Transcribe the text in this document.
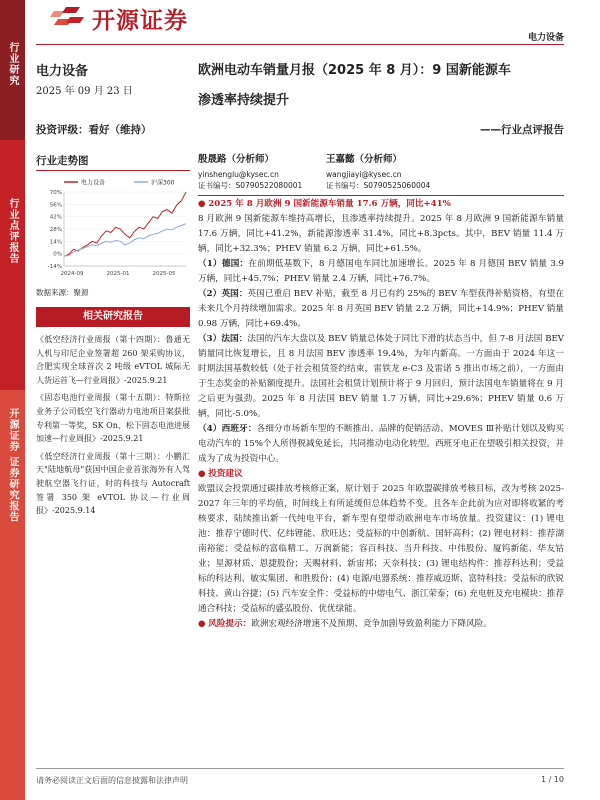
行业研究
行业点评报告
开源证券 证券研究报告
开源证券
电力设备
电力设备
2025 年 09 月 23 日
投资评级：看好（维持）
行业走势图
电力设备	沪深300
-14%
0%
14%
28%
42%
56%
70%
2024-09	2025-01	2025-05
数据来源：聚源
相关研究报告
《低空经济行业周报（第十四期）：鲁通无人机与印尼企业签署超 260 架采购协议，合肥实现全球首次 2 吨级 eVTOL 城际无人货运首飞—行业周报》-2025.9.21
《固态电池行业周报（第十五期）：特斯拉业务子公司低空飞行器动力电池项目案获批专利第一等奖，SK On、松下固态电池进展加速—行业周报》-2025.9.21
《低空经济行业周报（第十三期）：小鹏汇天"陆地航母"获国中国企业首张海外有人驾驶航空器飞行证，时的科技与 Autocraft 签署 350 架 eVTOL 协议—行业周报》-2025.9.14
欧洲电动车销量月报（2025 年 8 月）：9 国新能源车
渗透率持续提升
——行业点评报告
殷晟路（分析师）
yinshenglu@kysec.cn
证书编号：S0790522080001
王嘉懿（分析师）
wangjiayi@kysec.cn
证书编号：S0790525060004

● 2025 年 8 月欧洲 9 国新能源车销量 17.6 万辆，同比+41%

8 月欧洲 9 国新能源车维持高增长，且渗透率持续提升。2025 年 8 月欧洲 9 国新能源车销量 17.6 万辆，同比+41.2%，新能源渗透率 31.4%，同比+8.3pcts。其中，BEV 销量 11.4 万辆，同比+32.3%；PHEV 销量 6.2 万辆，同比+61.5%。

（1）德国：在前期低基数下，8 月德国电车同比加速增长。2025 年 8 月德国 BEV 销量 3.9 万辆，同比+45.7%；PHEV 销量 2.4 万辆，同比+76.7%。

（2）英国：英国已重启 BEV 补贴，截至 8 月已有约 25%的 BEV 车型获得补贴资格，有望在未来几个月持续增加需求。2025 年 8 月英国 BEV 销量 2.2 万辆，同比+14.9%；PHEV 销量 0.98 万辆，同比+69.4%。

（3）法国：法国的汽车大盘以及 BEV 销量总体处于同比下滑的状态当中，但 7-8 月法国 BEV 销量同比恢复增长，且 8 月法国 BEV 渗透率 19.4%，为年内新高。一方面由于 2024 年这一时期法国基数较低（处于社会租赁签约结束，雷铁龙 e-C3 及雷诺 5 推出市场之前），一方面由于生态奖金的补贴额度提升。法国社会租赁计划预计将于 9 月回归，预计法国电车销量将在 9 月之后更为强劲。2025 年 8 月法国 BEV 销量 1.7 万辆，同比+29.6%；PHEV 销量 0.6 万辆，同比-5.0%。

（4）西班牙：各细分市场新车型的不断推出、品牌的促销活动、MOVES Ⅲ补贴计划以及购买电动汽车的 15%个人所得税减免延长，共同推动电动化转型。西班牙电正在望吸引相关投资，并成为了成为投资中心。

● 投资建议

欧盟议会投票通过碳排放考核修正案，原计划于 2025 年欧盟碳排放考核目标，改为考核 2025-2027 年三年的平均值，时间线上有所延缓但总体趋势不变。且各车企此前为应对即将收紧的考核要求，陆续推出新一代纯电平台，新车型有望带动欧洲电车市场放量。投资建议：(1) 锂电池：推荐宁德时代、亿纬锂能、欣旺达；受益标的中创新航、国轩高科；(2) 锂电材料：推荐湖南裕能；受益标的富临精工、万润新能；容百科技、当升科技、中伟股份、厦钨新能、华友钴业；星源材质、恩捷股份；天赐材料、新宙邦；天奈科技；(3) 锂电结构件：推荐科达利；受益标的科达利、敏实集团、和胜股份；(4) 电源/电器系统：推荐威迈斯、富特科技；受益标的欣锐科技、黄山谷捷；(5) 汽车安全件：受益标的中熔电气、浙江荣泰；(6) 充电桩及充电模块：推荐通合科技；受益标的盛弘股份、优优绿能。

● 风险提示：欧洲宏观经济增速不及预期、竞争加剧导致盈利能力下降风险。

请务必阅读正文后面的信息披露和法律声明	1 / 10
